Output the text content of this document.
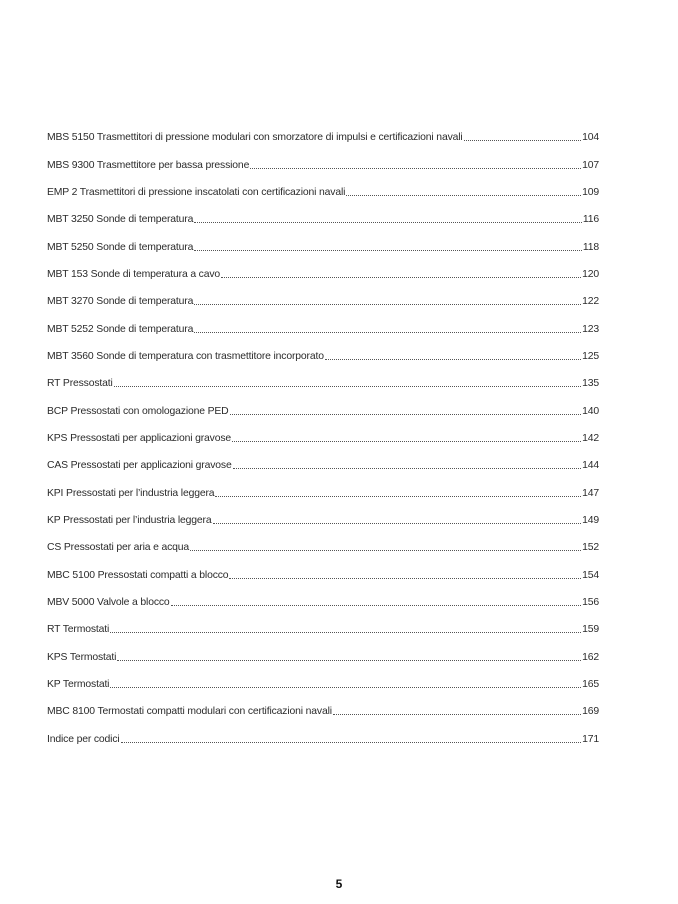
MBS 5150 Trasmettitori di pressione modulari con smorzatore di impulsi e certificazioni navali	104
MBS 9300 Trasmettitore per bassa pressione	107
EMP 2 Trasmettitori di pressione inscatolati con certificazioni navali	109
MBT 3250 Sonde di temperatura	116
MBT 5250 Sonde di temperatura	118
MBT 153 Sonde di temperatura a cavo	120
MBT 3270 Sonde di temperatura	122
MBT 5252 Sonde di temperatura	123
MBT 3560 Sonde di temperatura con trasmettitore incorporato	125
RT Pressostati	135
BCP Pressostati con omologazione PED	140
KPS Pressostati per applicazioni gravose	142
CAS Pressostati per applicazioni gravose	144
KPI Pressostati per l’industria leggera	147
KP Pressostati per l’industria leggera	149
CS Pressostati per aria e acqua	152
MBC 5100 Pressostati compatti a blocco	154
MBV 5000 Valvole a blocco	156
RT Termostati	159
KPS Termostati	162
KP Termostati	165
MBC 8100 Termostati compatti modulari con certificazioni navali	169
Indice per codici	171
5
